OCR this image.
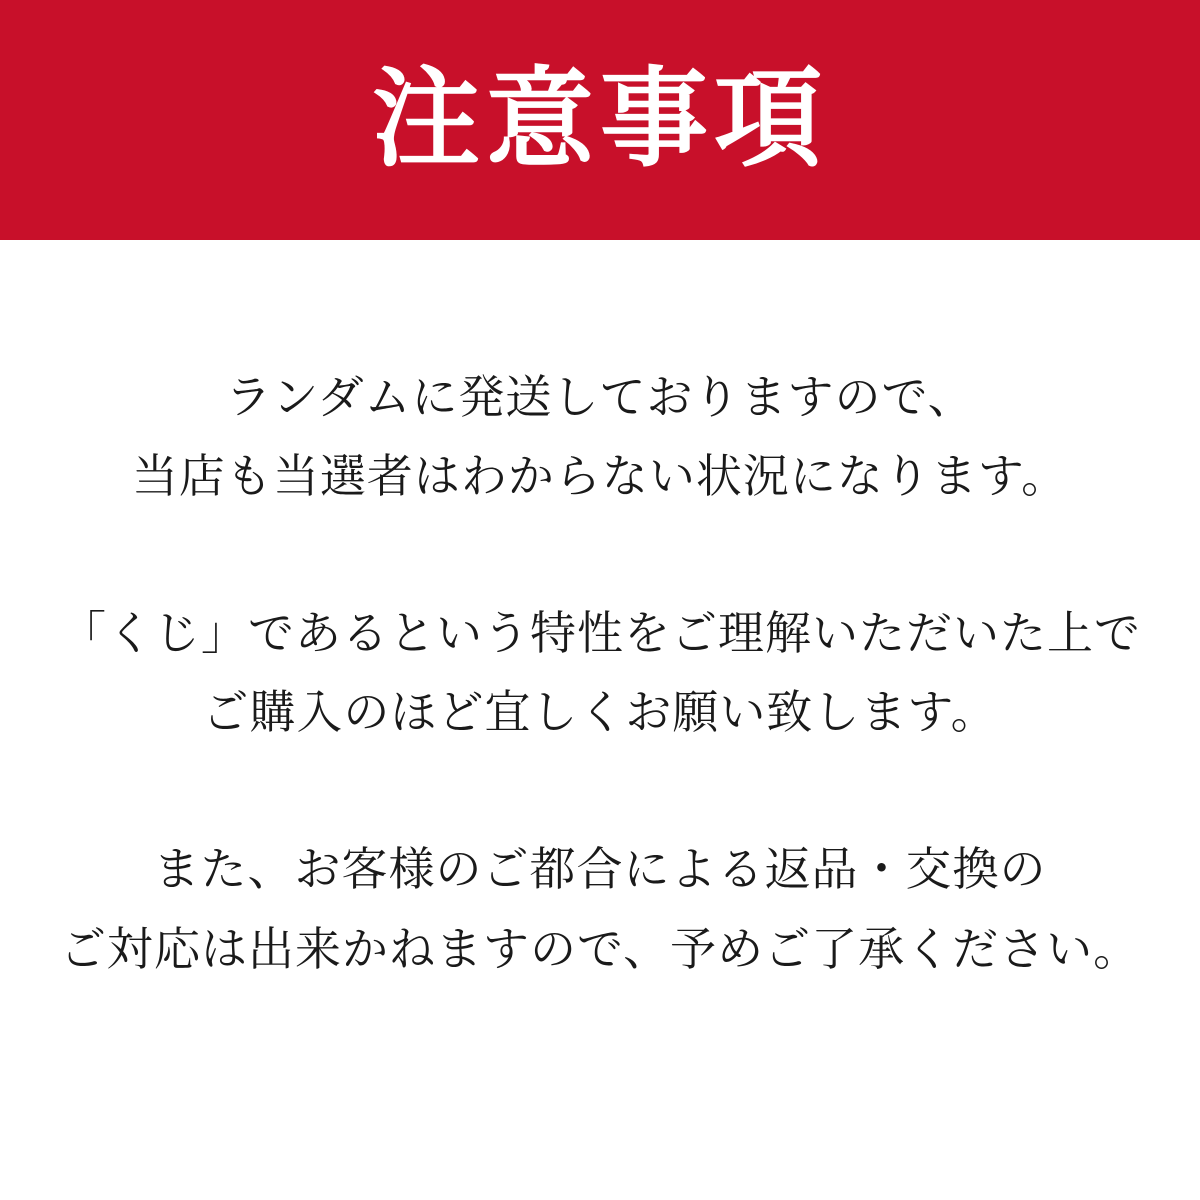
注意事項

ランダムに発送しておりますので、
当店も当選者はわからない状況になります。

「くじ」であるという特性をご理解いただいた上で
ご購入のほど宜しくお願い致します。

また、お客様のご都合による返品・交換の
ご対応は出来かねますので、予めご了承ください。
